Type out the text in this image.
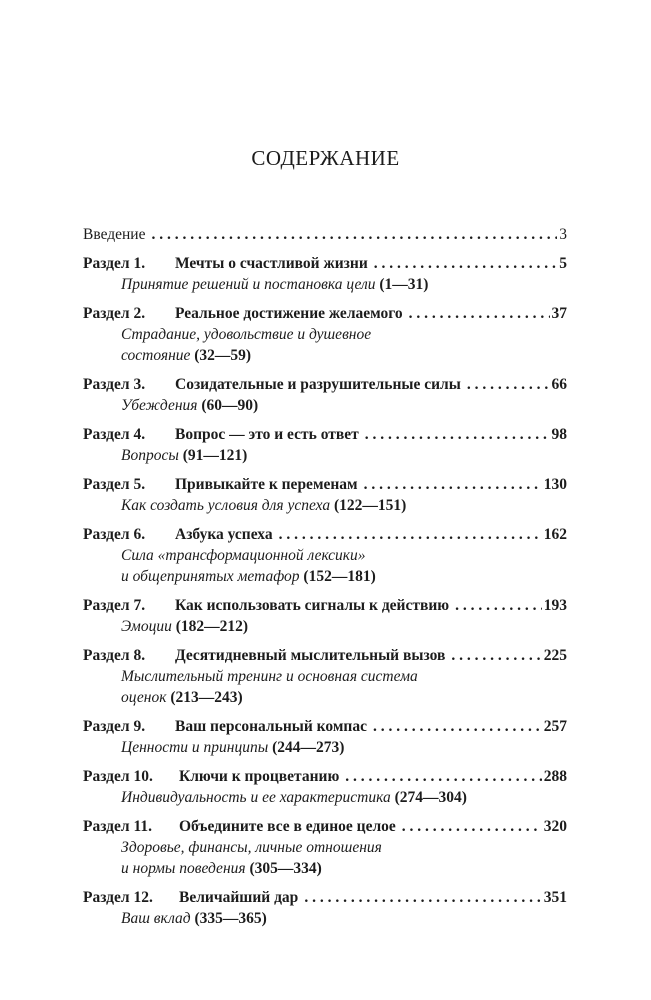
СОДЕРЖАНИЕ
Введение . . .	3
Раздел 1.	Мечты о счастливой жизни . . .	5
Принятие решений и постановка цели (1—31)
Раздел 2.	Реальное достижение желаемого . . .	37
Страдание, удовольствие и душевное
состояние (32—59)
Раздел 3.	Созидательные и разрушительные силы . . .	66
Убеждения (60—90)
Раздел 4.	Вопрос — это и есть ответ . . .	98
Вопросы (91—121)
Раздел 5.	Привыкайте к переменам . . .	130
Как создать условия для успеха (122—151)
Раздел 6.	Азбука успеха . . .	162
Сила «трансформационной лексики»
и общепринятых метафор (152—181)
Раздел 7.	Как использовать сигналы к действию . . .	193
Эмоции (182—212)
Раздел 8.	Десятидневный мыслительный вызов . . .	225
Мыслительный тренинг и основная система
оценок (213—243)
Раздел 9.	Ваш персональный компас . . .	257
Ценности и принципы (244—273)
Раздел 10.	Ключи к процветанию . . .	288
Индивидуальность и ее характеристика (274—304)
Раздел 11.	Объедините все в единое целое . . .	320
Здоровье, финансы, личные отношения
и нормы поведения (305—334)
Раздел 12.	Величайший дар . . .	351
Ваш вклад (335—365)
